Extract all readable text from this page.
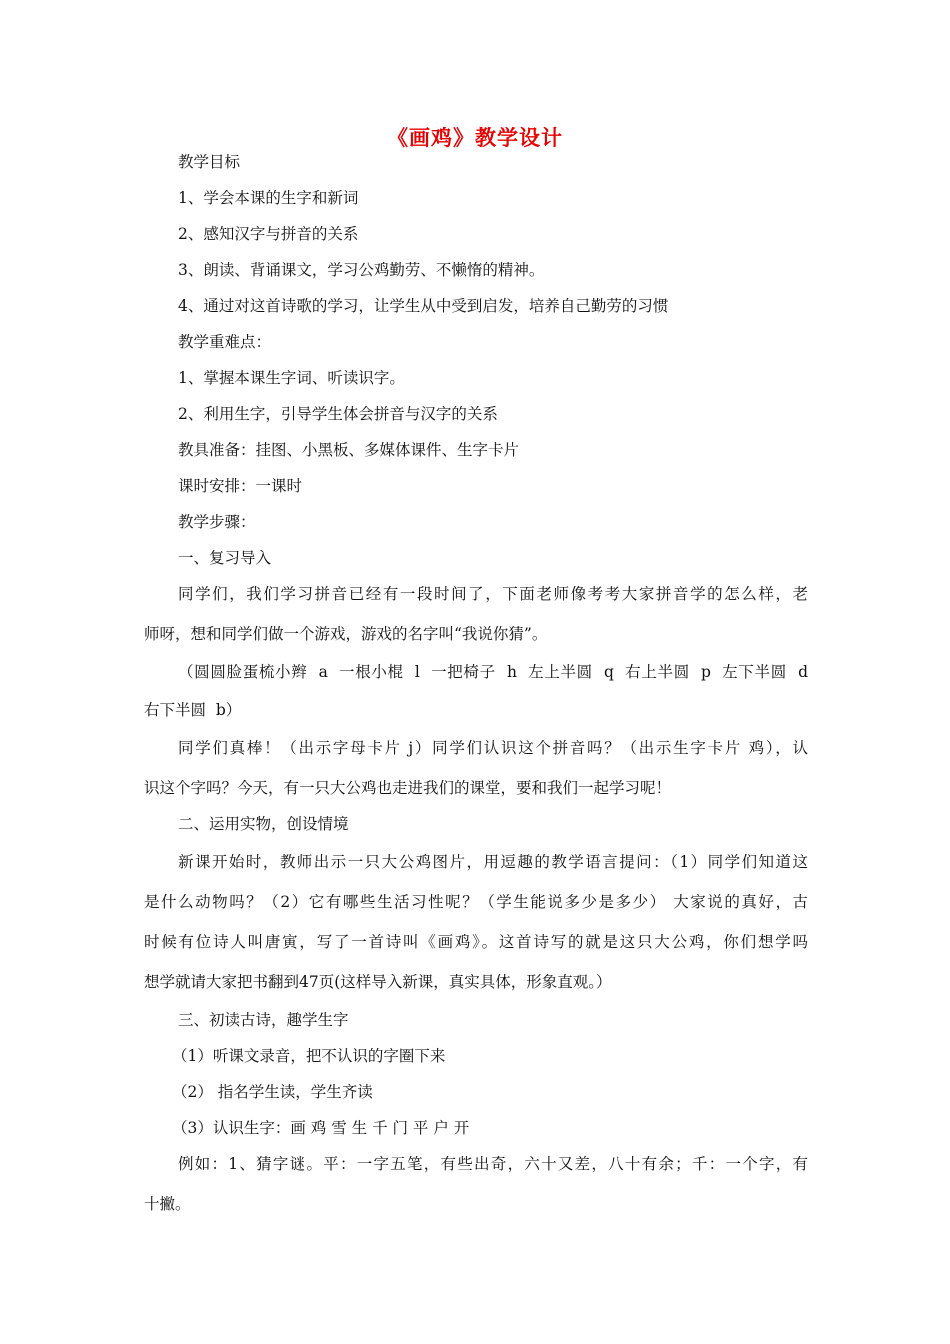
《画鸡》教学设计
教学目标
1、学会本课的生字和新词
2、感知汉字与拼音的关系
3、朗读、背诵课文，学习公鸡勤劳、不懒惰的精神。
4、通过对这首诗歌的学习，让学生从中受到启发，培养自己勤劳的习惯
教学重难点：
1、掌握本课生字词、听读识字。
2、利用生字，引导学生体会拼音与汉字的关系
教具准备：挂图、小黑板、多媒体课件、生字卡片
课时安排：一课时
教学步骤：
一、复习导入
同学们，我们学习拼音已经有一段时间了，下面老师像考考大家拼音学的怎么样，老
师呀，想和同学们做一个游戏，游戏的名字叫“我说你猜”。
（圆圆脸蛋梳小辫  a  一根小棍  l  一把椅子  h  左上半圆  q  右上半圆  p  左下半圆  d
右下半圆  b）
同学们真棒！（出示字母卡片 j）同学们认识这个拼音吗？（出示生字卡片 鸡），认
识这个字吗？今天，有一只大公鸡也走进我们的课堂，要和我们一起学习呢！
二、运用实物，创设情境
新课开始时，教师出示一只大公鸡图片，用逗趣的教学语言提问：（1）同学们知道这
是什么动物吗？（2）它有哪些生活习性呢？（学生能说多少是多少） 大家说的真好，古
时候有位诗人叫唐寅，写了一首诗叫《画鸡》。这首诗写的就是这只大公鸡，你们想学吗
想学就请大家把书翻到47页(这样导入新课，真实具体，形象直观。）
三、初读古诗，趣学生字
（1）听课文录音，把不认识的字圈下来
（2） 指名学生读，学生齐读
（3）认识生字：画 鸡 雪 生 千 门 平 户 开
例如：1、猜字谜。平：一字五笔，有些出奇，六十又差，八十有余；千：一个字，有
十撇。
